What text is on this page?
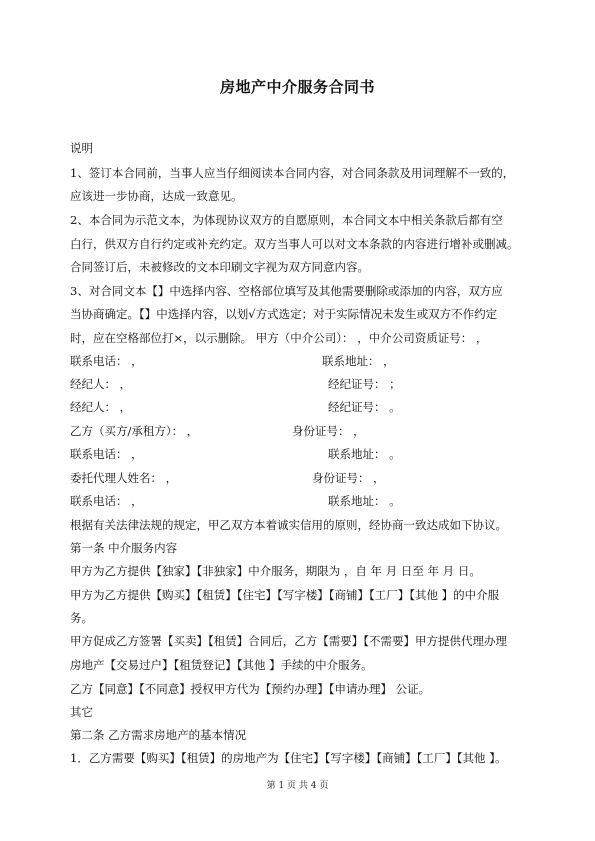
房地产中介服务合同书
说明
1、签订本合同前，当事人应当仔细阅读本合同内容，对合同条款及用词理解不一致的，
应该进一步协商，达成一致意见。
2、本合同为示范文本，为体现协议双方的自愿原则，本合同文本中相关条款后都有空
白行，供双方自行约定或补充约定。双方当事人可以对文本条款的内容进行增补或删减。
合同签订后，未被修改的文本印刷文字视为双方同意内容。
3、对合同文本【】中选择内容、空格部位填写及其他需要删除或添加的内容，双方应
当协商确定。【】中选择内容，以划√方式选定；对于实际情况未发生或双方不作约定
时，应在空格部位打×，以示删除。 甲方（中介公司）： ，中介公司资质证号： ，
联系电话： ，	联系地址： ，
经纪人： ，	经纪证号： ；
经纪人： ，	经纪证号： 。
乙方（买方/承租方）： ，	身份证号： ，
联系电话： ，	联系地址： 。
委托代理人姓名： ，	身份证号： ，
联系电话： ，	联系地址： 。
根据有关法律法规的规定，甲乙双方本着诚实信用的原则，经协商一致达成如下协议。
第一条 中介服务内容
甲方为乙方提供【独家】【非独家】中介服务，期限为 ，自 年 月 日至 年 月 日。
甲方为乙方提供【购买】【租赁】【住宅】【写字楼】【商铺】【工厂】【其他 】的中介服
务。
甲方促成乙方签署【买卖】【租赁】合同后，乙方【需要】【不需要】甲方提供代理办理
房地产【交易过户】【租赁登记】【其他 】手续的中介服务。
乙方【同意】【不同意】授权甲方代为【预约办理】【申请办理】 公证。
其它
第二条 乙方需求房地产的基本情况
1．乙方需要【购买】【租赁】的房地产为【住宅】【写字楼】【商铺】【工厂】【其他 】。
第 1 页 共 4 页
